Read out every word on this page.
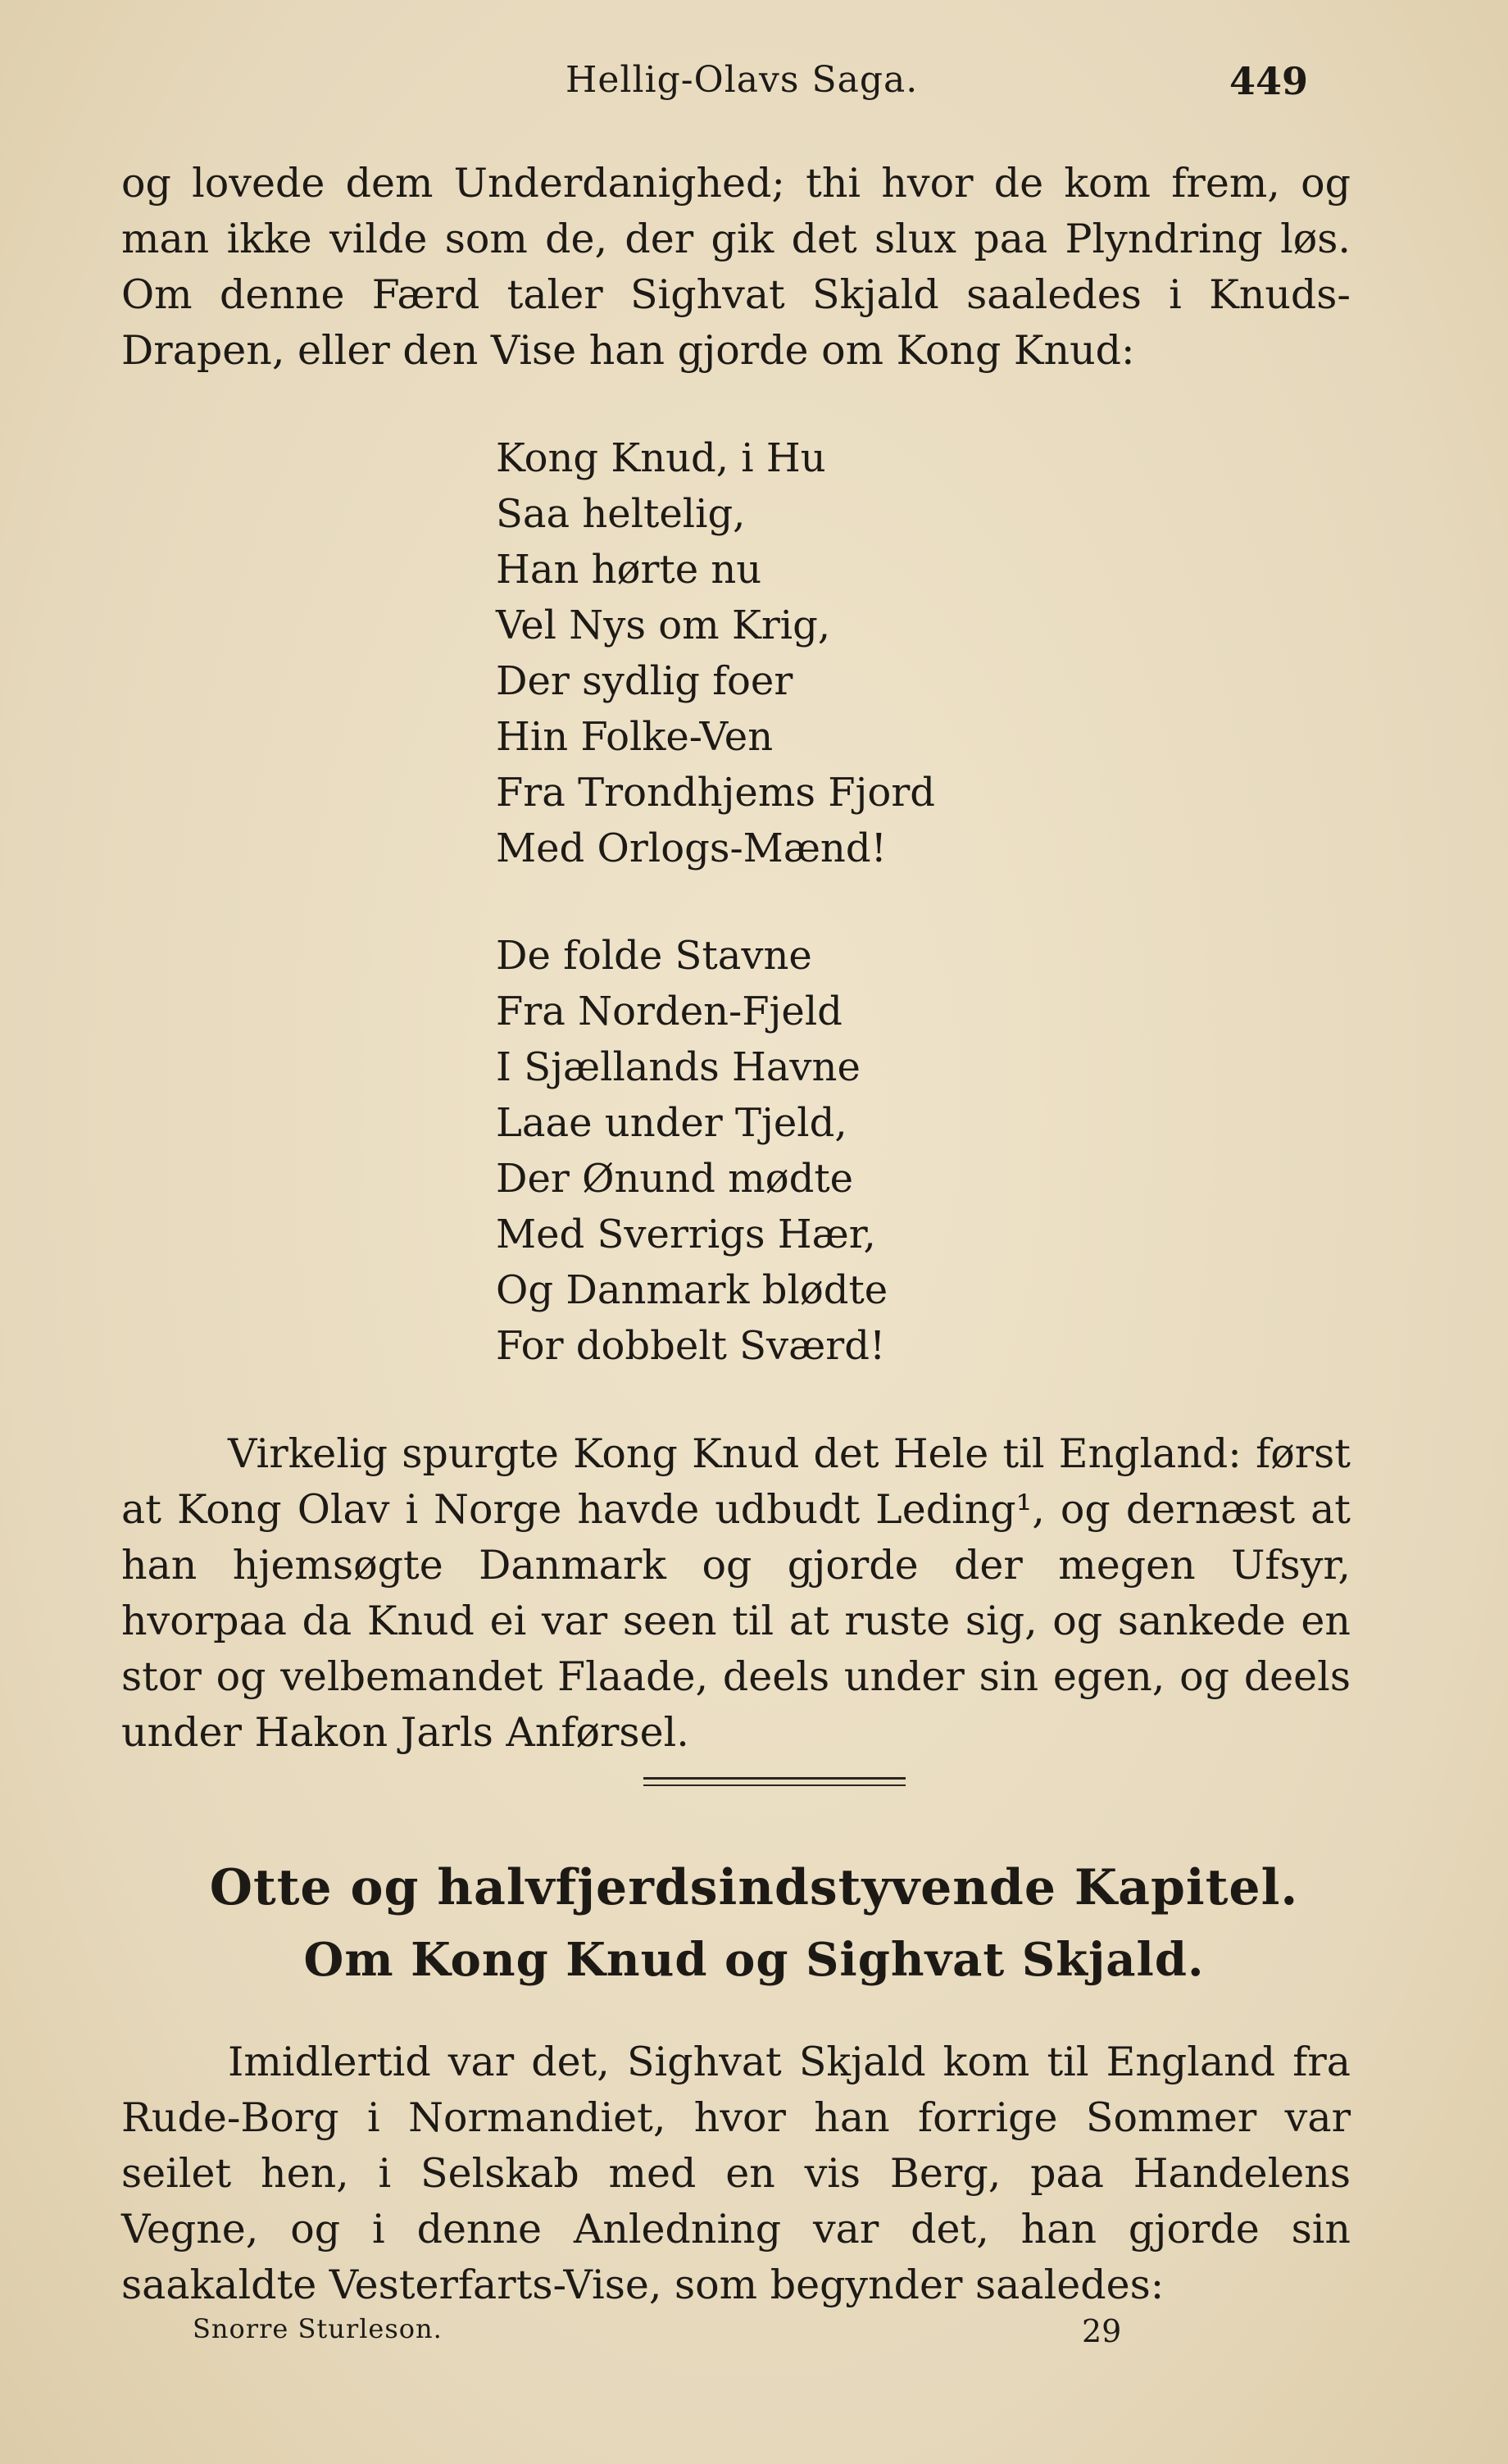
Hellig-Olavs Saga.	449

og lovede dem Underdanighed; thi hvor de kom frem, og man ikke vilde som de, der gik det slux paa Plyndring løs. Om denne Færd taler Sighvat Skjald saaledes i Knuds-Drapen, eller den Vise han gjorde om Kong Knud:

Kong Knud, i Hu
Saa heltelig,
Han hørte nu
Vel Nys om Krig,
Der sydlig foer
Hin Folke-Ven
Fra Trondhjems Fjord
Med Orlogs-Mænd!
De folde Stavne
Fra Norden-Fjeld
I Sjællands Havne
Laae under Tjeld,
Der Ønund mødte
Med Sverrigs Hær,
Og Danmark blødte
For dobbelt Sværd!

Virkelig spurgte Kong Knud det Hele til England: først at Kong Olav i Norge havde udbudt Leding¹, og dernæst at han hjemsøgte Danmark og gjorde der megen Ufsyr, hvorpaa da Knud ei var seen til at ruste sig, og sankede en stor og velbemandet Flaade, deels under sin egen, og deels under Hakon Jarls Anførsel.

Otte og halvfjerdsindstyvende Kapitel.
Om Kong Knud og Sighvat Skjald.

Imidlertid var det, Sighvat Skjald kom til England fra Rude-Borg i Normandiet, hvor han forrige Sommer var seilet hen, i Selskab med en vis Berg, paa Handelens Vegne, og i denne Anledning var det, han gjorde sin saakaldte Vesterfarts-Vise, som begynder saaledes:

Snorre Sturleson.	29
